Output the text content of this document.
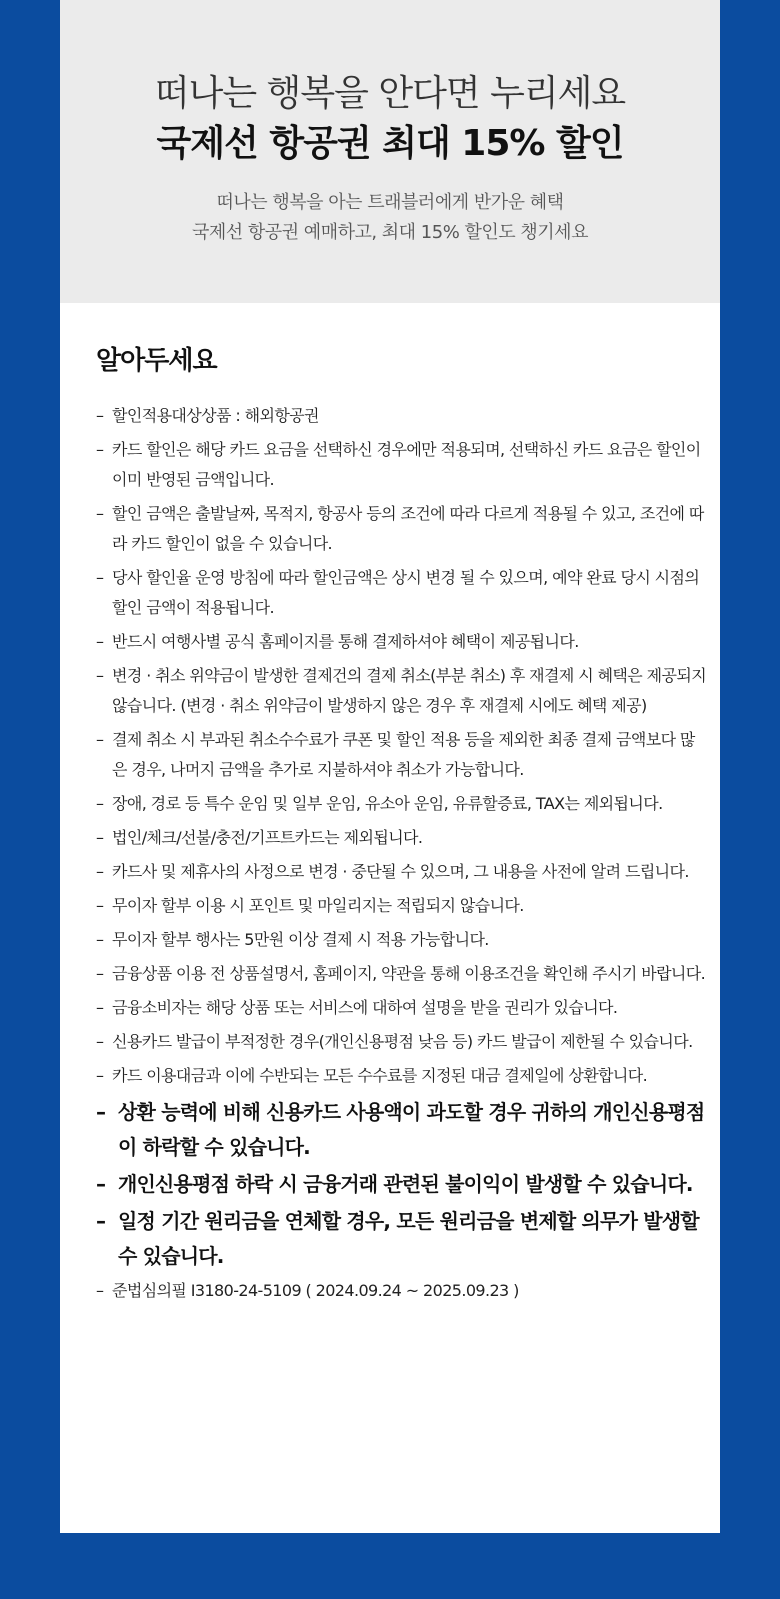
떠나는 행복을 안다면 누리세요
국제선 항공권 최대 15% 할인
떠나는 행복을 아는 트래블러에게 반가운 혜택
국제선 항공권 예매하고, 최대 15% 할인도 챙기세요
알아두세요
– 할인적용대상상품 : 해외항공권
– 카드 할인은 해당 카드 요금을 선택하신 경우에만 적용되며, 선택하신 카드 요금은 할인이 이미 반영된 금액입니다.
– 할인 금액은 출발날짜, 목적지, 항공사 등의 조건에 따라 다르게 적용될 수 있고, 조건에 따라 카드 할인이 없을 수 있습니다.
– 당사 할인율 운영 방침에 따라 할인금액은 상시 변경 될 수 있으며, 예약 완료 당시 시점의 할인 금액이 적용됩니다.
– 반드시 여행사별 공식 홈페이지를 통해 결제하셔야 혜택이 제공됩니다.
– 변경 · 취소 위약금이 발생한 결제건의 결제 취소(부분 취소) 후 재결제 시 혜택은 제공되지 않습니다. (변경 · 취소 위약금이 발생하지 않은 경우 후 재결제 시에도 혜택 제공)
– 결제 취소 시 부과된 취소수수료가 쿠폰 및 할인 적용 등을 제외한 최종 결제 금액보다 많은 경우, 나머지 금액을 추가로 지불하셔야 취소가 가능합니다.
– 장애, 경로 등 특수 운임 및 일부 운임, 유소아 운임, 유류할증료, TAX는 제외됩니다.
– 법인/체크/선불/충전/기프트카드는 제외됩니다.
– 카드사 및 제휴사의 사정으로 변경 · 중단될 수 있으며, 그 내용을 사전에 알려 드립니다.
– 무이자 할부 이용 시 포인트 및 마일리지는 적립되지 않습니다.
– 무이자 할부 행사는 5만원 이상 결제 시 적용 가능합니다.
– 금융상품 이용 전 상품설명서, 홈페이지, 약관을 통해 이용조건을 확인해 주시기 바랍니다.
– 금융소비자는 해당 상품 또는 서비스에 대하여 설명을 받을 권리가 있습니다.
– 신용카드 발급이 부적정한 경우(개인신용평점 낮음 등) 카드 발급이 제한될 수 있습니다.
– 카드 이용대금과 이에 수반되는 모든 수수료를 지정된 대금 결제일에 상환합니다.
– 상환 능력에 비해 신용카드 사용액이 과도할 경우 귀하의 개인신용평점이 하락할 수 있습니다.
– 개인신용평점 하락 시 금융거래 관련된 불이익이 발생할 수 있습니다.
– 일정 기간 원리금을 연체할 경우, 모든 원리금을 변제할 의무가 발생할 수 있습니다.
– 준법심의필 I3180-24-5109 ( 2024.09.24 ~ 2025.09.23 )
